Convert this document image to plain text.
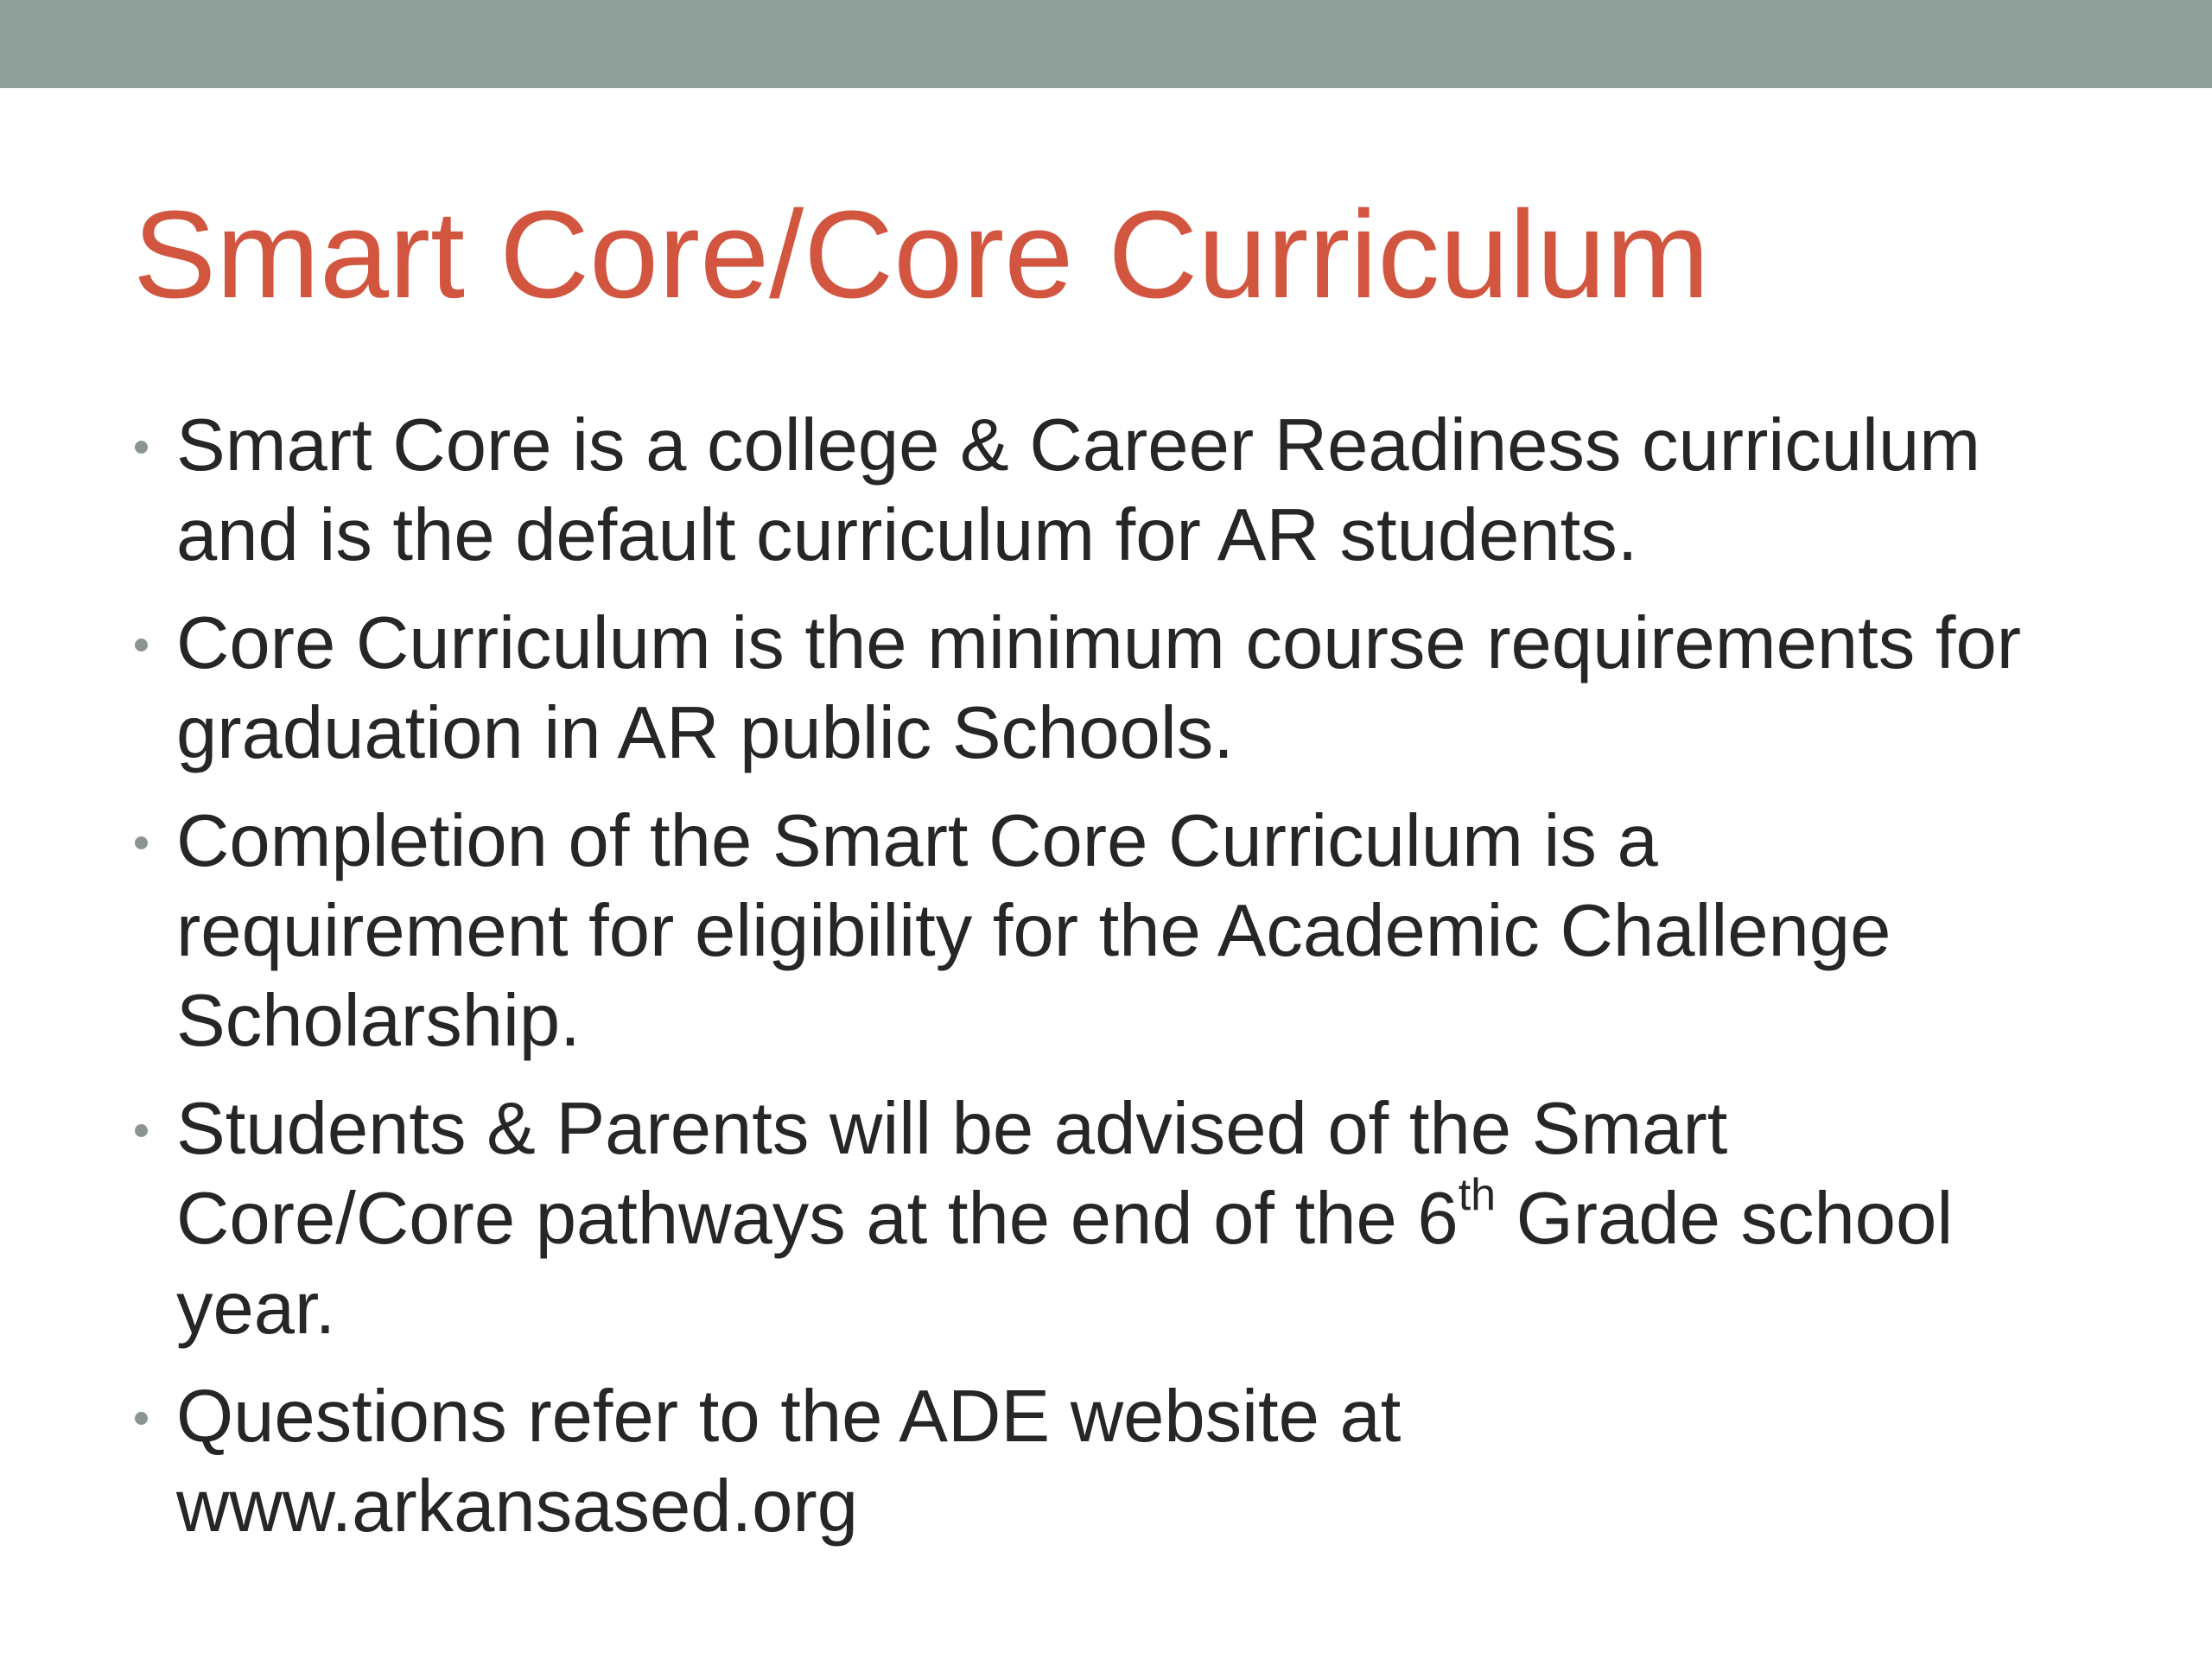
Smart Core/Core Curriculum
Smart Core is a college & Career Readiness curriculum
and is the default curriculum for AR students.
Core Curriculum is the minimum course requirements for
graduation in AR public Schools.
Completion of the Smart Core Curriculum is a
requirement for eligibility for the Academic Challenge
Scholarship.
Students & Parents will be advised of the Smart
Core/Core pathways at the end of the 6th Grade school
year.
Questions refer to the ADE website at
www.arkansased.org
